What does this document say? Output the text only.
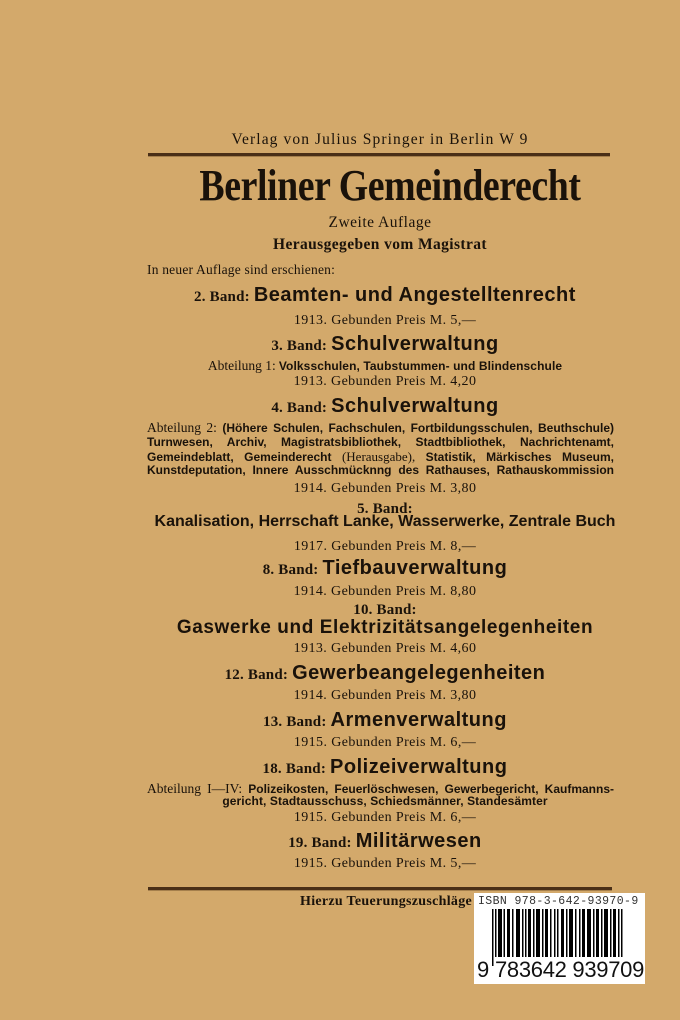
Verlag von Julius Springer in Berlin W 9
Berliner Gemeinderecht
Zweite Auflage
Herausgegeben vom Magistrat
In neuer Auflage sind erschienen:
2. Band: Beamten- und Angestelltenrecht
1913. Gebunden Preis M. 5,—
3. Band: Schulverwaltung
Abteilung 1: Volksschulen, Taubstummen- und Blindenschule
1913. Gebunden Preis M. 4,20
4. Band: Schulverwaltung
Abteilung 2: (Höhere Schulen, Fachschulen, Fortbildungsschulen, Beuthschule)
Turnwesen, Archiv, Magistratsbibliothek, Stadtbibliothek, Nachrichtenamt,
Gemeindeblatt, Gemeinderecht (Herausgabe), Statistik, Märkisches Museum,
Kunstdeputation, Innere Ausschmücknng des Rathauses, Rathauskommission
1914. Gebunden Preis M. 3,80
5. Band:
Kanalisation, Herrschaft Lanke, Wasserwerke, Zentrale Buch
1917. Gebunden Preis M. 8,—
8. Band: Tiefbauverwaltung
1914. Gebunden Preis M. 8,80
10. Band:
Gaswerke und Elektrizitätsangelegenheiten
1913. Gebunden Preis M. 4,60
12. Band: Gewerbeangelegenheiten
1914. Gebunden Preis M. 3,80
13. Band: Armenverwaltung
1915. Gebunden Preis M. 6,—
18. Band: Polizeiverwaltung
Abteilung I—IV: Polizeikosten, Feuerlöschwesen, Gewerbegericht, Kaufmanns-
gericht, Stadtausschuss, Schiedsmänner, Standesämter
1915. Gebunden Preis M. 6,—
19. Band: Militärwesen
1915. Gebunden Preis M. 5,—
Hierzu Teuerungszuschläge ISBN 978-3-642-93970-9
9 783642 939709
